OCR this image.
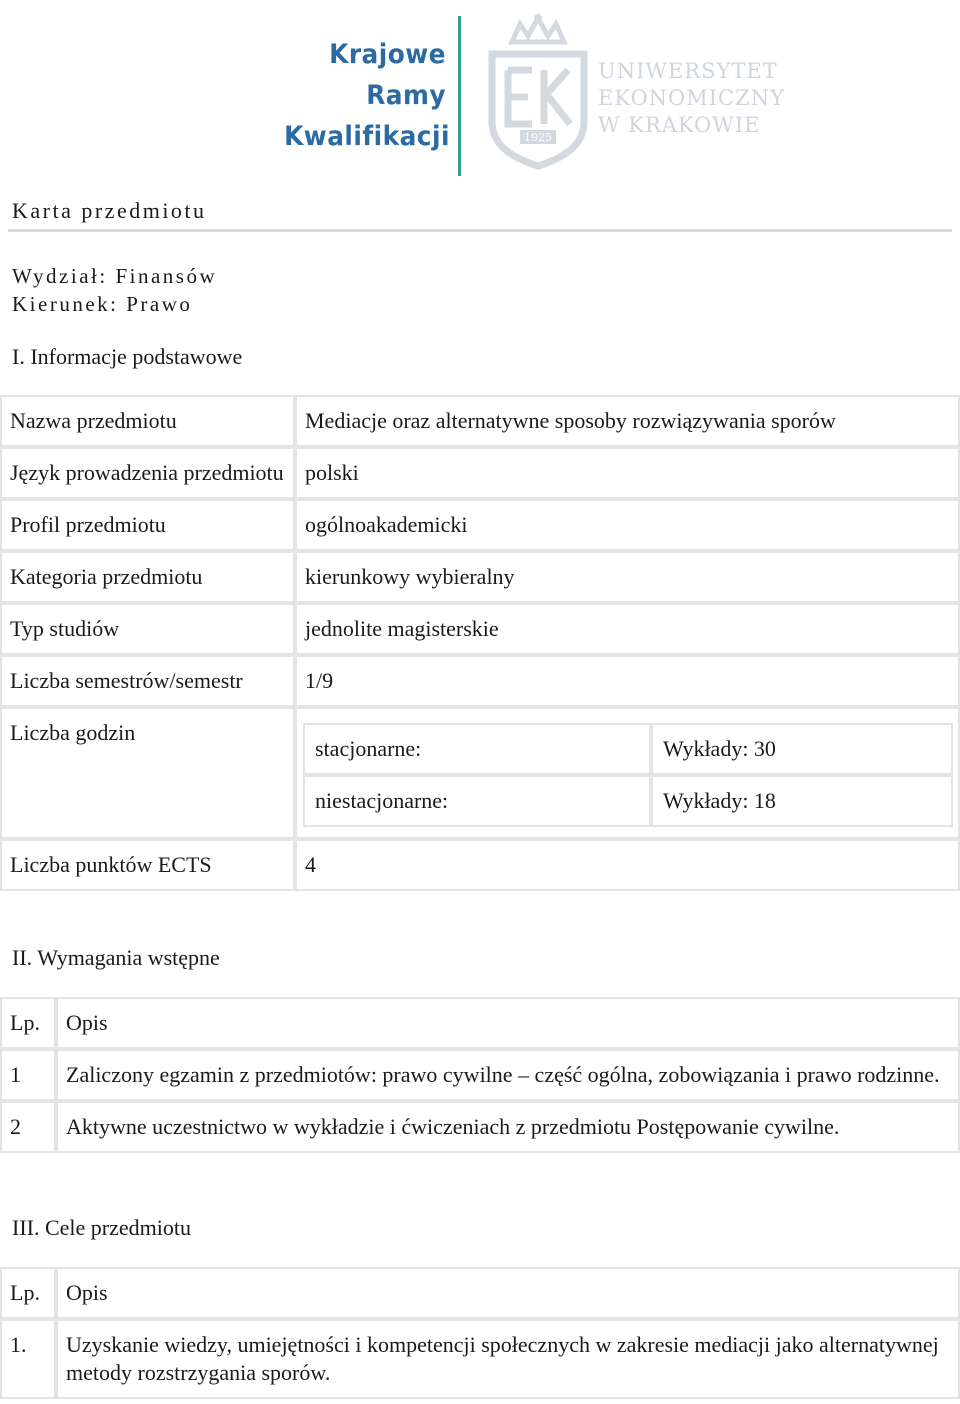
Krajowe
Ramy
Kwalifikacji	1925
UNIWERSYTET
EKONOMICZNY
W KRAKOWIE
Karta przedmiotu
Wydział: Finansów
Kierunek: Prawo
I. Informacje podstawowe
Nazwa przedmiotu	Mediacje oraz alternatywne sposoby rozwiązywania sporów
Język prowadzenia przedmiotu	polski
Profil przedmiotu	ogólnoakademicki
Kategoria przedmiotu	kierunkowy wybieralny
Typ studiów	jednolite magisterskie
Liczba semestrów/semestr	1/9
Liczba godzin	
stacjonarne:	Wykłady: 30
niestacjonarne:	Wykłady: 18

Liczba punktów ECTS	4
II. Wymagania wstępne
Lp.	Opis
1	Zaliczony egzamin z przedmiotów: prawo cywilne – część ogólna, zobowiązania i prawo rodzinne.
2	Aktywne uczestnictwo w wykładzie i ćwiczeniach z przedmiotu Postępowanie cywilne.
III. Cele przedmiotu
Lp.	Opis
1.	Uzyskanie wiedzy, umiejętności i kompetencji społecznych w zakresie mediacji jako alternatywnej metody rozstrzygania sporów.
